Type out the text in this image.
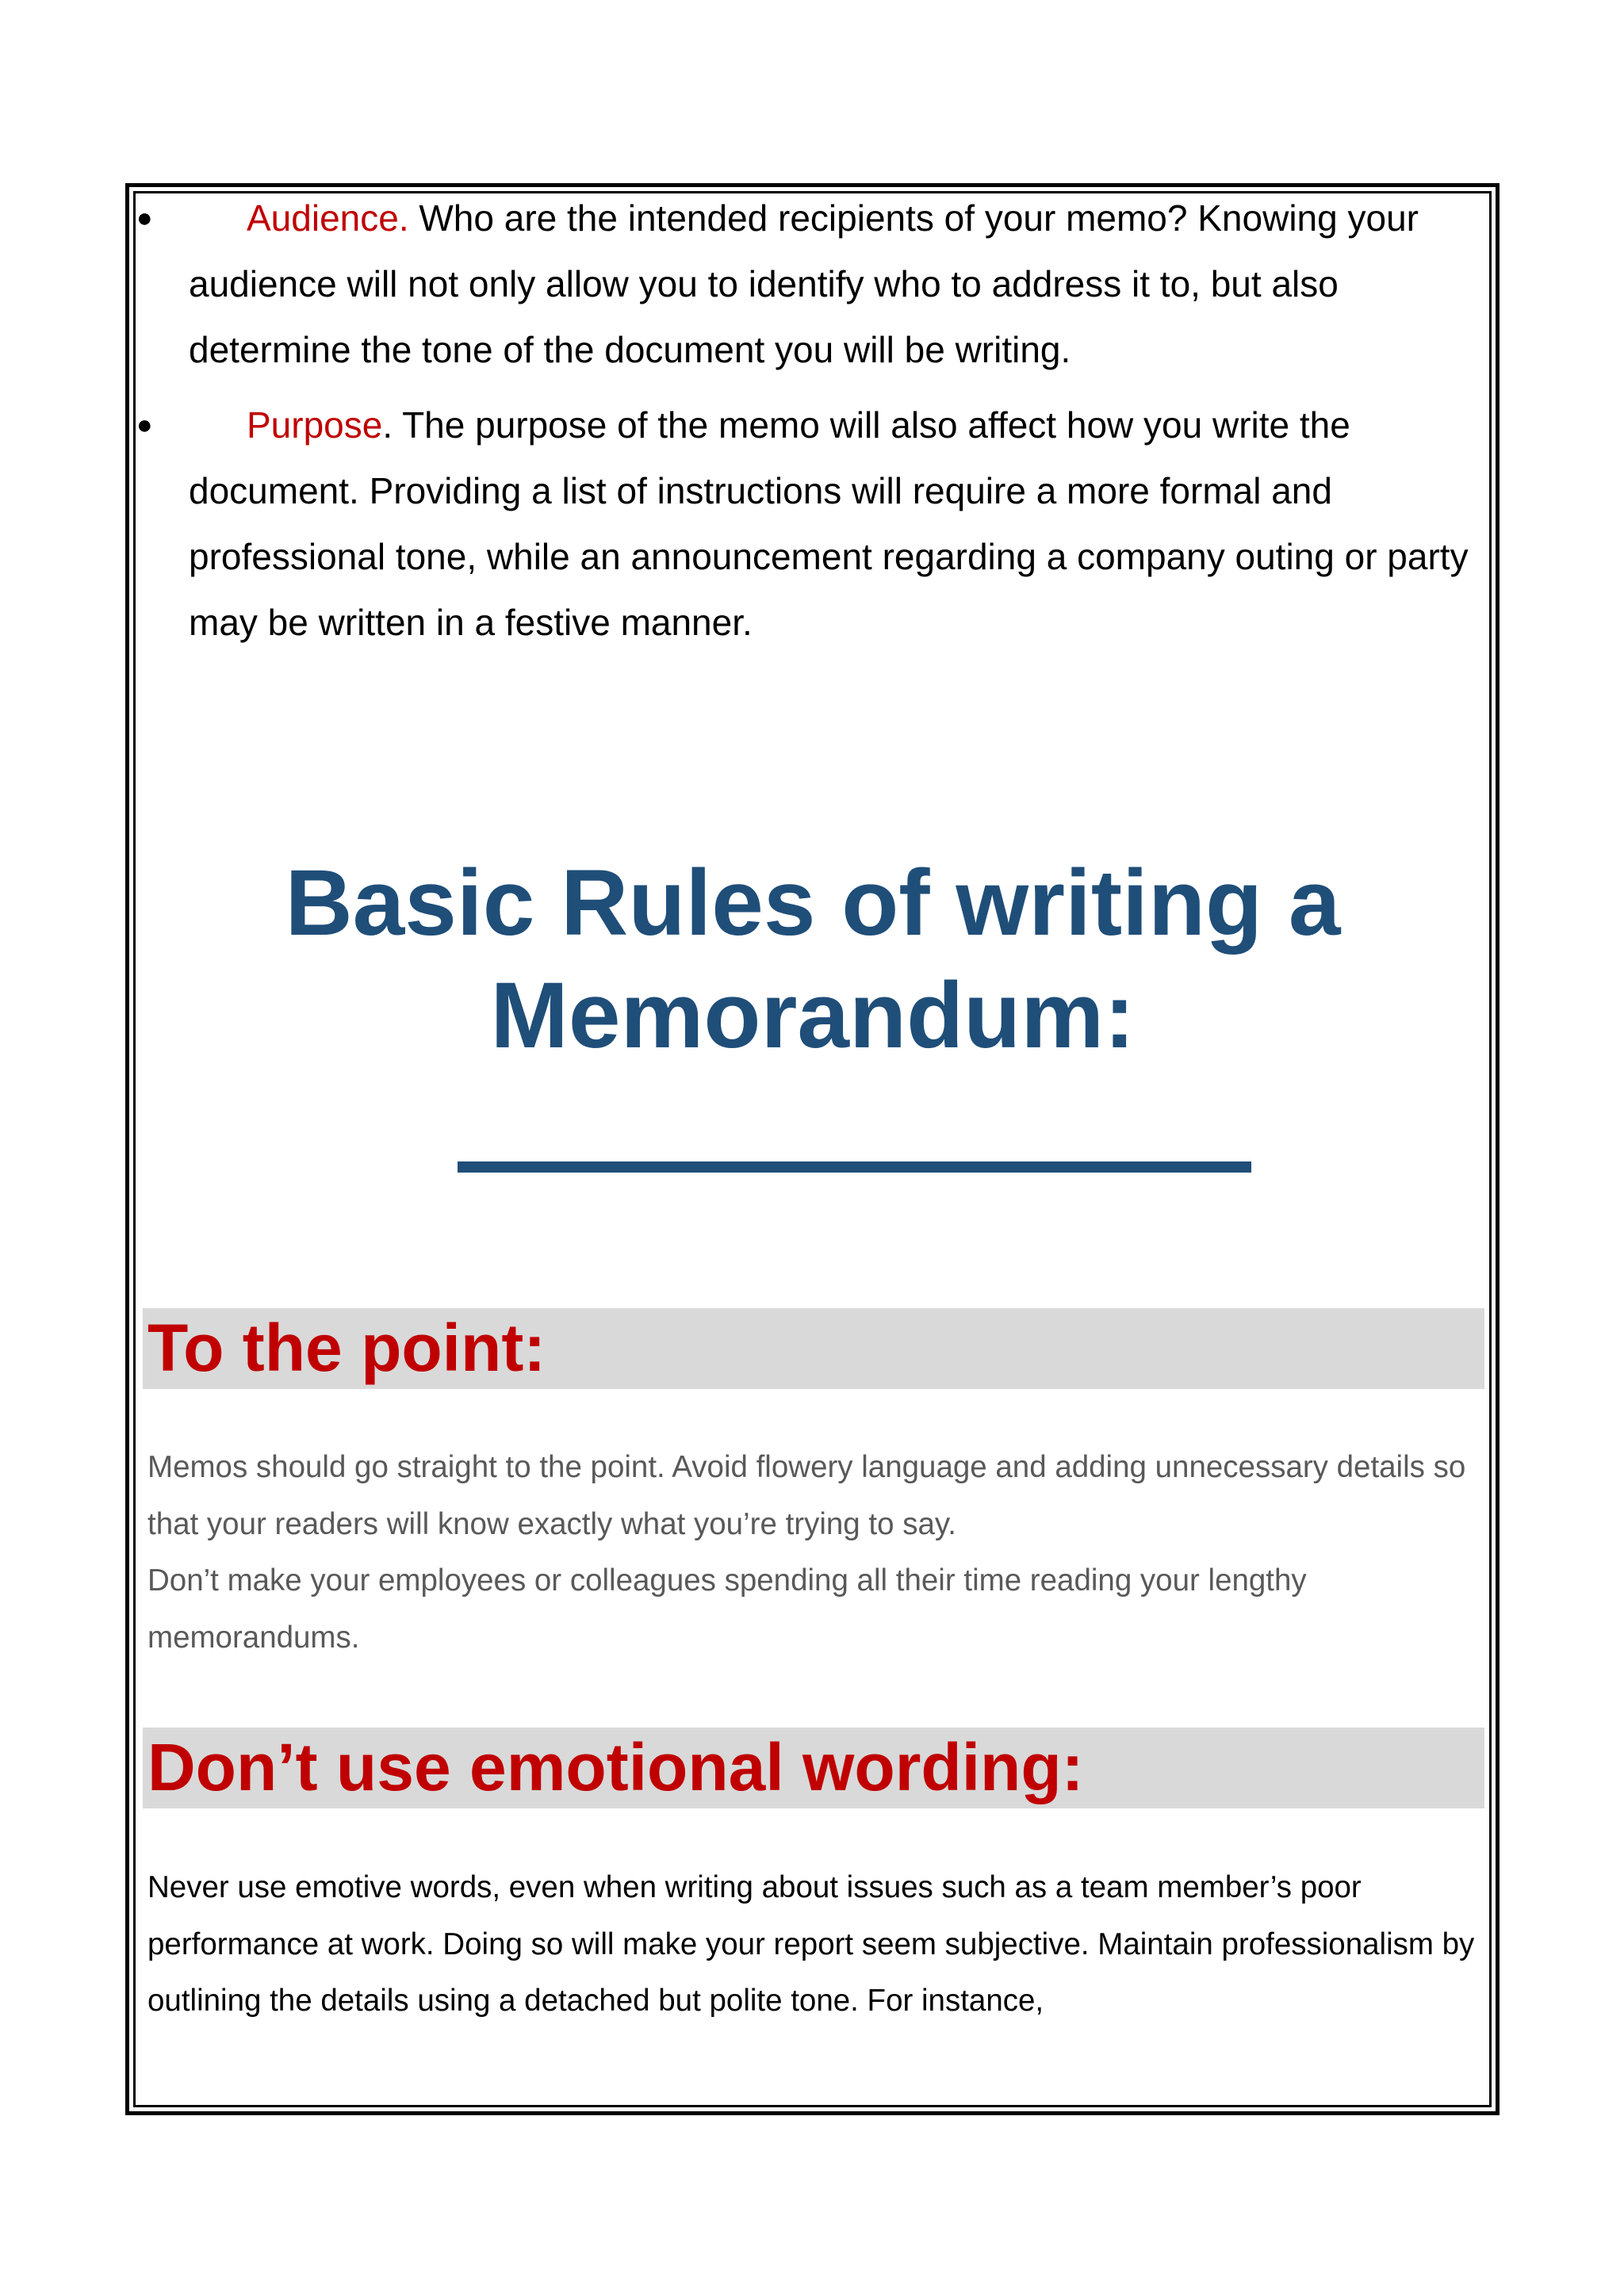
●	Audience. Who are the intended recipients of your memo? Knowing your audience will not only allow you to identify who to address it to, but also determine the tone of the document you will be writing.
●	Purpose. The purpose of the memo will also affect how you write the document. Providing a list of instructions will require a more formal and professional tone, while an announcement regarding a company outing or party may be written in a festive manner.
Basic Rules of writing a
Memorandum:
To the point:

Memos should go straight to the point. Avoid flowery language and adding unnecessary details so that your readers will know exactly what you’re trying to say.

Don’t make your employees or colleagues spending all their time reading your lengthy memorandums.

Don’t use emotional wording:

Never use emotive words, even when writing about issues such as a team member’s poor performance at work. Doing so will make your report seem subjective. Maintain professionalism by outlining the details using a detached but polite tone. For instance,
